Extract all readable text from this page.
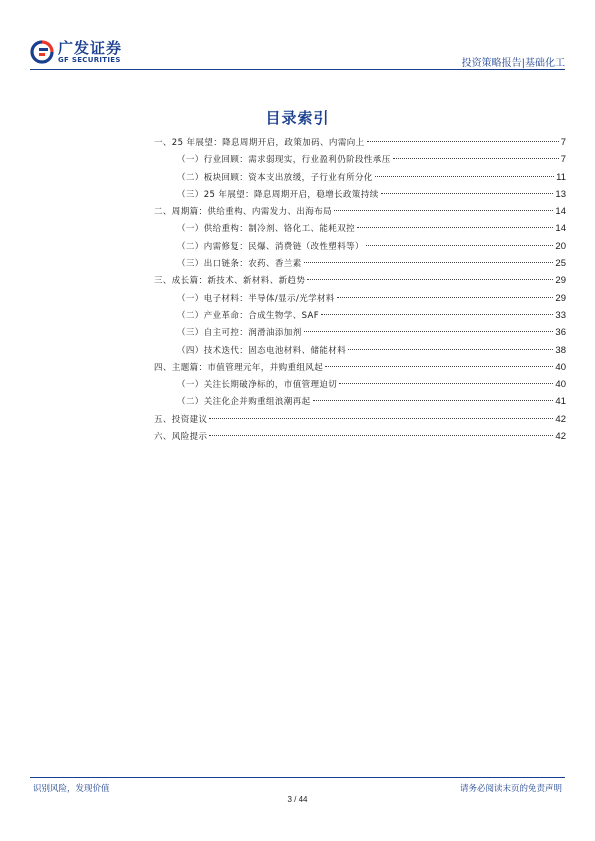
广发证券
GF SECURITIES	投资策略报告|基础化工
目录索引
一、25 年展望：降息周期开启，政策加码、内需向上	7
（一）行业回顾：需求弱现实，行业盈利仍阶段性承压	7
（二）板块回顾：资本支出放缓，子行业有所分化	11
（三）25 年展望：降息周期开启，稳增长政策持续	13
二、周期篇：供给重构、内需发力、出海布局	14
（一）供给重构：制冷剂、铬化工、能耗双控	14
（二）内需修复：民爆、消费链（改性塑料等）	20
（三）出口链条：农药、香兰素	25
三、成长篇：新技术、新材料、新趋势	29
（一）电子材料：半导体/显示/光学材料	29
（二）产业革命：合成生物学、SAF	33
（三）自主可控：润滑油添加剂	36
（四）技术迭代：固态电池材料、储能材料	38
四、主题篇：市值管理元年，并购重组风起	40
（一）关注长期破净标的，市值管理迫切	40
（二）关注化企并购重组浪潮再起	41
五、投资建议	42
六、风险提示	42
识别风险，发现价值	请务必阅读末页的免责声明
3 / 44
